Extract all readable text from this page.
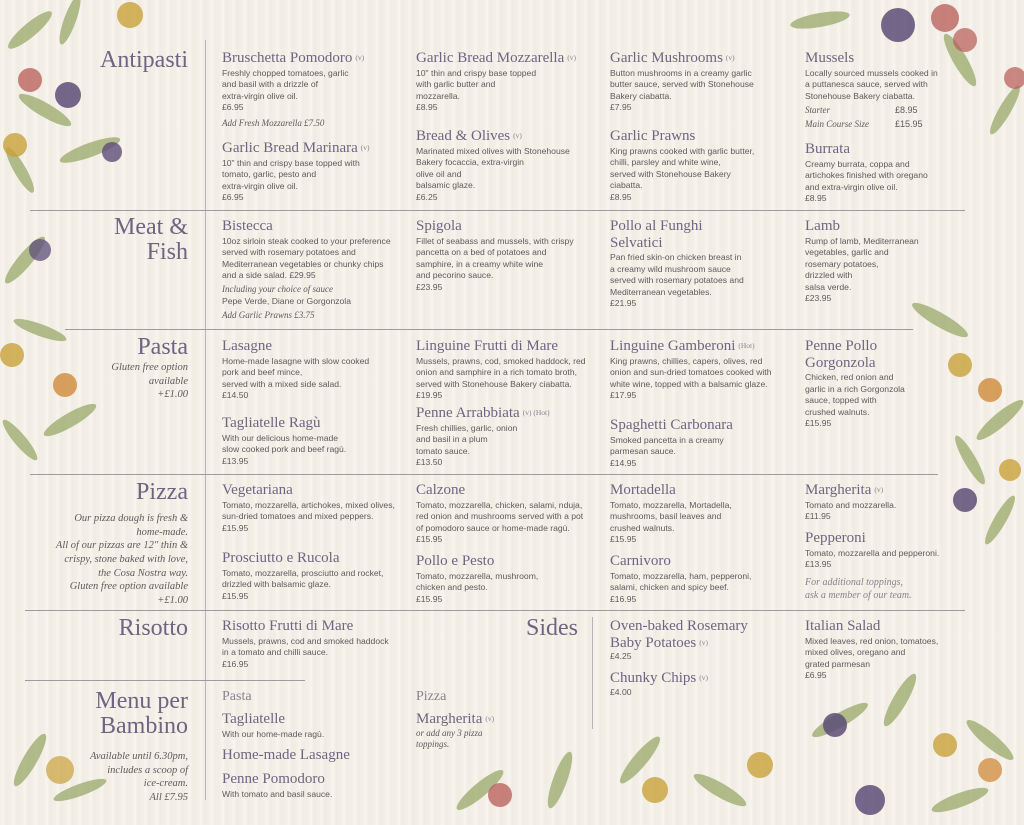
Antipasti
Meat &
Fish
Pasta
Gluten free option
available
+£1.00
Pizza
Our pizza dough is fresh &
home-made.
All of our pizzas are 12" thin &
crispy, stone baked with love,
the Cosa Nostra way.
Gluten free option available
+£1.00
Risotto	Sides
Menu per
Bambino
Available until 6.30pm,
includes a scoop of
ice-cream.
All £7.95
Bruschetta Pomodoro (v)
Freshly chopped tomatoes, garlic
and basil with a drizzle of
extra-virgin olive oil.
£6.95
Add Fresh Mozzarella £7.50
Garlic Bread Marinara (v)
10" thin and crispy base topped with
tomato, garlic, pesto and
extra-virgin olive oil.
£6.95
Garlic Bread Mozzarella (v)
10" thin and crispy base topped
with garlic butter and
mozzarella.
£8.95
Bread & Olives (v)
Marinated mixed olives with Stonehouse
Bakery focaccia, extra-virgin
olive oil and
balsamic glaze.
£6.25
Garlic Mushrooms (v)
Button mushrooms in a creamy garlic
butter sauce, served with Stonehouse
Bakery ciabatta.
£7.95
Garlic Prawns
King prawns cooked with garlic butter,
chilli, parsley and white wine,
served with Stonehouse Bakery
ciabatta.
£8.95
Mussels
Locally sourced mussels cooked in
a puttanesca sauce, served with
Stonehouse Bakery ciabatta.
Starter	£8.95
Main Course Size	£15.95
Burrata
Creamy burrata, coppa and
artichokes finished with oregano
and extra-virgin olive oil.
£8.95
Bistecca
10oz sirloin steak cooked to your preference
served with rosemary potatoes and
Mediterranean vegetables or chunky chips
and a side salad. £29.95
Including your choice of sauce
Pepe Verde, Diane or Gorgonzola
Add Garlic Prawns £3.75
Spigola
Fillet of seabass and mussels, with crispy
pancetta on a bed of potatoes and
samphire, in a creamy white wine
and pecorino sauce.
£23.95
Pollo al Funghi
Selvatici
Pan fried skin-on chicken breast in
a creamy wild mushroom sauce
served with rosemary potatoes and
Mediterranean vegetables.
£21.95
Lamb
Rump of lamb, Mediterranean
vegetables, garlic and
rosemary potatoes,
drizzled with
salsa verde.
£23.95
Lasagne
Home-made lasagne with slow cooked
pork and beef mince,
served with a mixed side salad.
£14.50
Tagliatelle Ragù
With our delicious home-made
slow cooked pork and beef ragù.
£13.95
Linguine Frutti di Mare
Mussels, prawns, cod, smoked haddock, red
onion and samphire in a rich tomato broth,
served with Stonehouse Bakery ciabatta.
£19.95
Penne Arrabbiata (v) (Hot)
Fresh chillies, garlic, onion
and basil in a plum
tomato sauce.
£13.50
Linguine Gamberoni (Hot)
King prawns, chillies, capers, olives, red
onion and sun-dried tomatoes cooked with
white wine, topped with a balsamic glaze.
£17.95
Spaghetti Carbonara
Smoked pancetta in a creamy
parmesan sauce.
£14.95
Penne Pollo
Gorgonzola
Chicken, red onion and
garlic in a rich Gorgonzola
sauce, topped with
crushed walnuts.
£15.95
Vegetariana
Tomato, mozzarella, artichokes, mixed olives,
sun-dried tomatoes and mixed peppers.
£15.95
Prosciutto e Rucola
Tomato, mozzarella, prosciutto and rocket,
drizzled with balsamic glaze.
£15.95
Calzone
Tomato, mozzarella, chicken, salami, nduja,
red onion and mushrooms served with a pot
of pomodoro sauce or home-made ragù.
£15.95
Pollo e Pesto
Tomato, mozzarella, mushroom,
chicken and pesto.
£15.95
Mortadella
Tomato, mozzarella, Mortadella,
mushrooms, basil leaves and
crushed walnuts.
£15.95
Carnivoro
Tomato, mozzarella, ham, pepperoni,
salami, chicken and spicy beef.
£16.95
Margherita (v)
Tomato and mozzarella.
£11.95
Pepperoni
Tomato, mozzarella and pepperoni.
£13.95
For additional toppings,
ask a member of our team.
Risotto Frutti di Mare
Mussels, prawns, cod and smoked haddock
in a tomato and chilli sauce.
£16.95
Oven-baked Rosemary
Baby Potatoes (v)
£4.25
Chunky Chips (v)
£4.00
Italian Salad
Mixed leaves, red onion, tomatoes,
mixed olives, oregano and
grated parmesan
£6.95
Pasta	Pizza
Tagliatelle
With our home-made ragù.
Home-made Lasagne
Penne Pomodoro
With tomato and basil sauce.
Margherita (v)
or add any 3 pizza
toppings.
